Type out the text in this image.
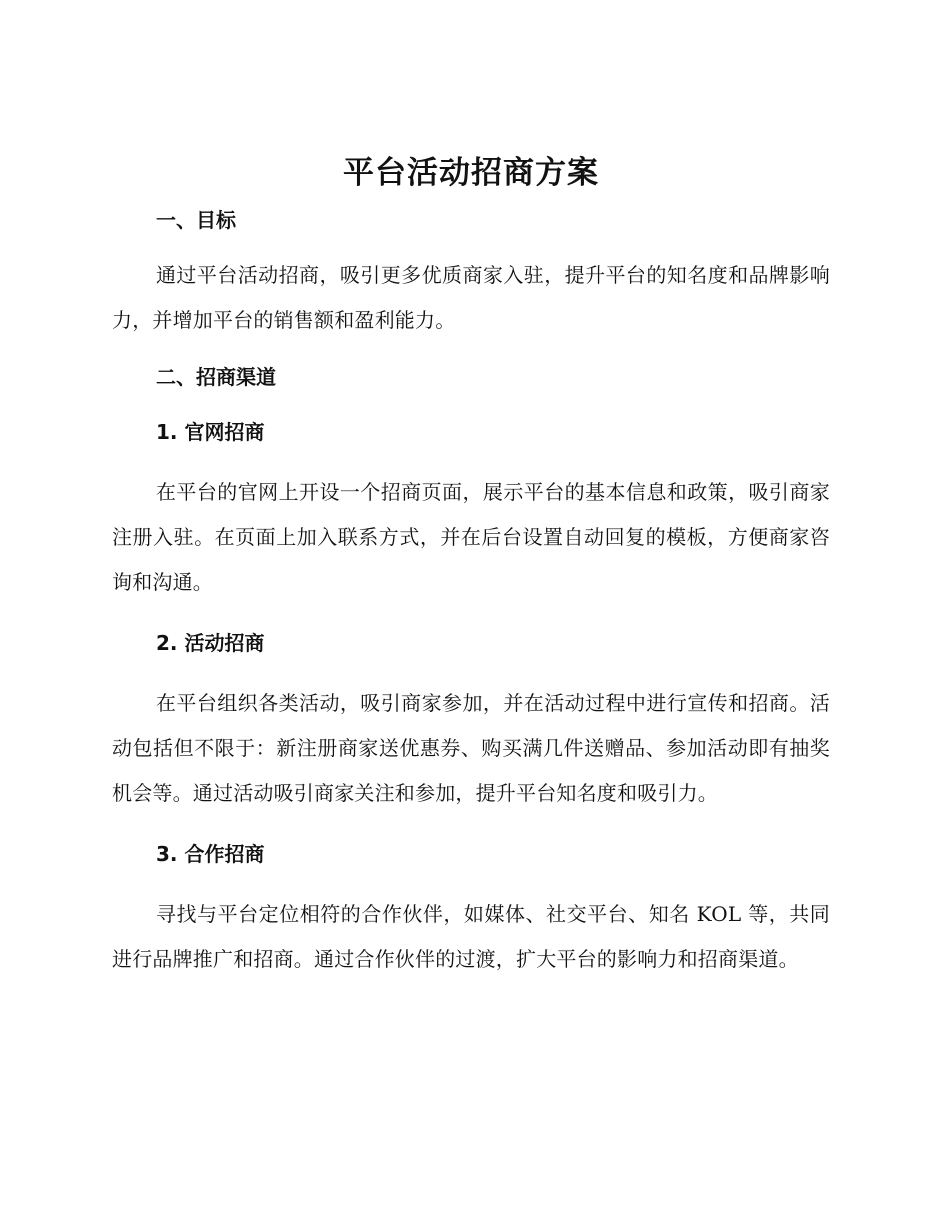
平台活动招商方案
一、目标

通过平台活动招商，吸引更多优质商家入驻，提升平台的知名度和品牌影响力，并增加平台的销售额和盈利能力。

二、招商渠道
1. 官网招商

在平台的官网上开设一个招商页面，展示平台的基本信息和政策，吸引商家注册入驻。在页面上加入联系方式，并在后台设置自动回复的模板，方便商家咨询和沟通。

2. 活动招商

在平台组织各类活动，吸引商家参加，并在活动过程中进行宣传和招商。活动包括但不限于：新注册商家送优惠券、购买满几件送赠品、参加活动即有抽奖机会等。通过活动吸引商家关注和参加，提升平台知名度和吸引力。

3. 合作招商

寻找与平台定位相符的合作伙伴，如媒体、社交平台、知名 KOL 等，共同进行品牌推广和招商。通过合作伙伴的过渡，扩大平台的影响力和招商渠道。
